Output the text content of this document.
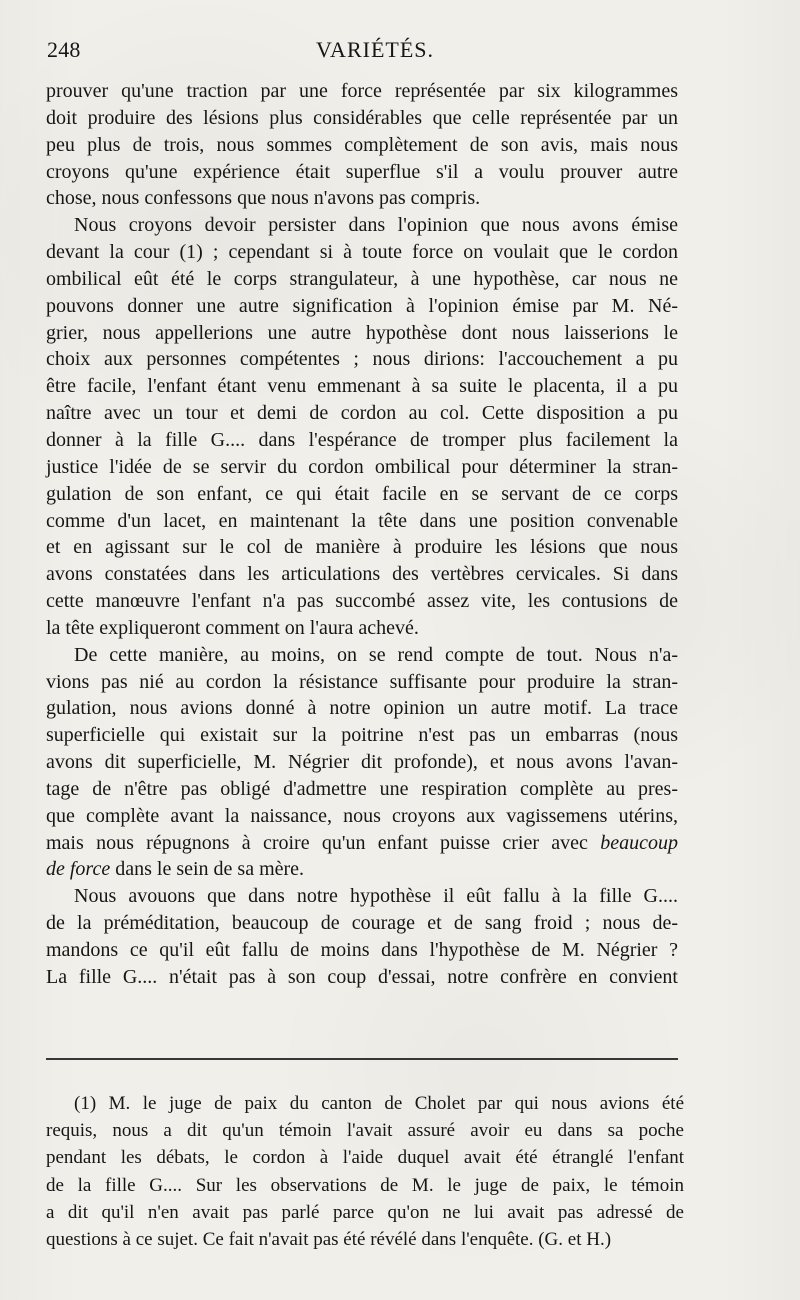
248	VARIÉTÉS.

prouver qu'une traction par une force représentée par six kilogrammes
doit produire des lésions plus considérables que celle représentée par un
peu plus de trois, nous sommes complètement de son avis, mais nous
croyons qu'une expérience était superflue s'il a voulu prouver autre
chose, nous confessons que nous n'avons pas compris.

Nous croyons devoir persister dans l'opinion que nous avons émise
devant la cour (1) ; cependant si à toute force on voulait que le cordon
ombilical eût été le corps strangulateur, à une hypothèse, car nous ne
pouvons donner une autre signification à l'opinion émise par M. Né-
grier, nous appellerions une autre hypothèse dont nous laisserions le
choix aux personnes compétentes ; nous dirions: l'accouchement a pu
être facile, l'enfant étant venu emmenant à sa suite le placenta, il a pu
naître avec un tour et demi de cordon au col. Cette disposition a pu
donner à la fille G.... dans l'espérance de tromper plus facilement la
justice l'idée de se servir du cordon ombilical pour déterminer la stran-
gulation de son enfant, ce qui était facile en se servant de ce corps
comme d'un lacet, en maintenant la tête dans une position convenable
et en agissant sur le col de manière à produire les lésions que nous
avons constatées dans les articulations des vertèbres cervicales. Si dans
cette manœuvre l'enfant n'a pas succombé assez vite, les contusions de
la tête expliqueront comment on l'aura achevé.

De cette manière, au moins, on se rend compte de tout. Nous n'a-
vions pas nié au cordon la résistance suffisante pour produire la stran-
gulation, nous avions donné à notre opinion un autre motif. La trace
superficielle qui existait sur la poitrine n'est pas un embarras (nous
avons dit superficielle, M. Négrier dit profonde), et nous avons l'avan-
tage de n'être pas obligé d'admettre une respiration complète au pres-
que complète avant la naissance, nous croyons aux vagissemens utérins,
mais nous répugnons à croire qu'un enfant puisse crier avec beaucoup
de force dans le sein de sa mère.

Nous avouons que dans notre hypothèse il eût fallu à la fille G....
de la préméditation, beaucoup de courage et de sang froid ; nous de-
mandons ce qu'il eût fallu de moins dans l'hypothèse de M. Négrier ?
La fille G.... n'était pas à son coup d'essai, notre confrère en convient

(1) M. le juge de paix du canton de Cholet par qui nous avions été
requis, nous a dit qu'un témoin l'avait assuré avoir eu dans sa poche
pendant les débats, le cordon à l'aide duquel avait été étranglé l'enfant
de la fille G.... Sur les observations de M. le juge de paix, le témoin
a dit qu'il n'en avait pas parlé parce qu'on ne lui avait pas adressé de
questions à ce sujet. Ce fait n'avait pas été révélé dans l'enquête. (G. et H.)
